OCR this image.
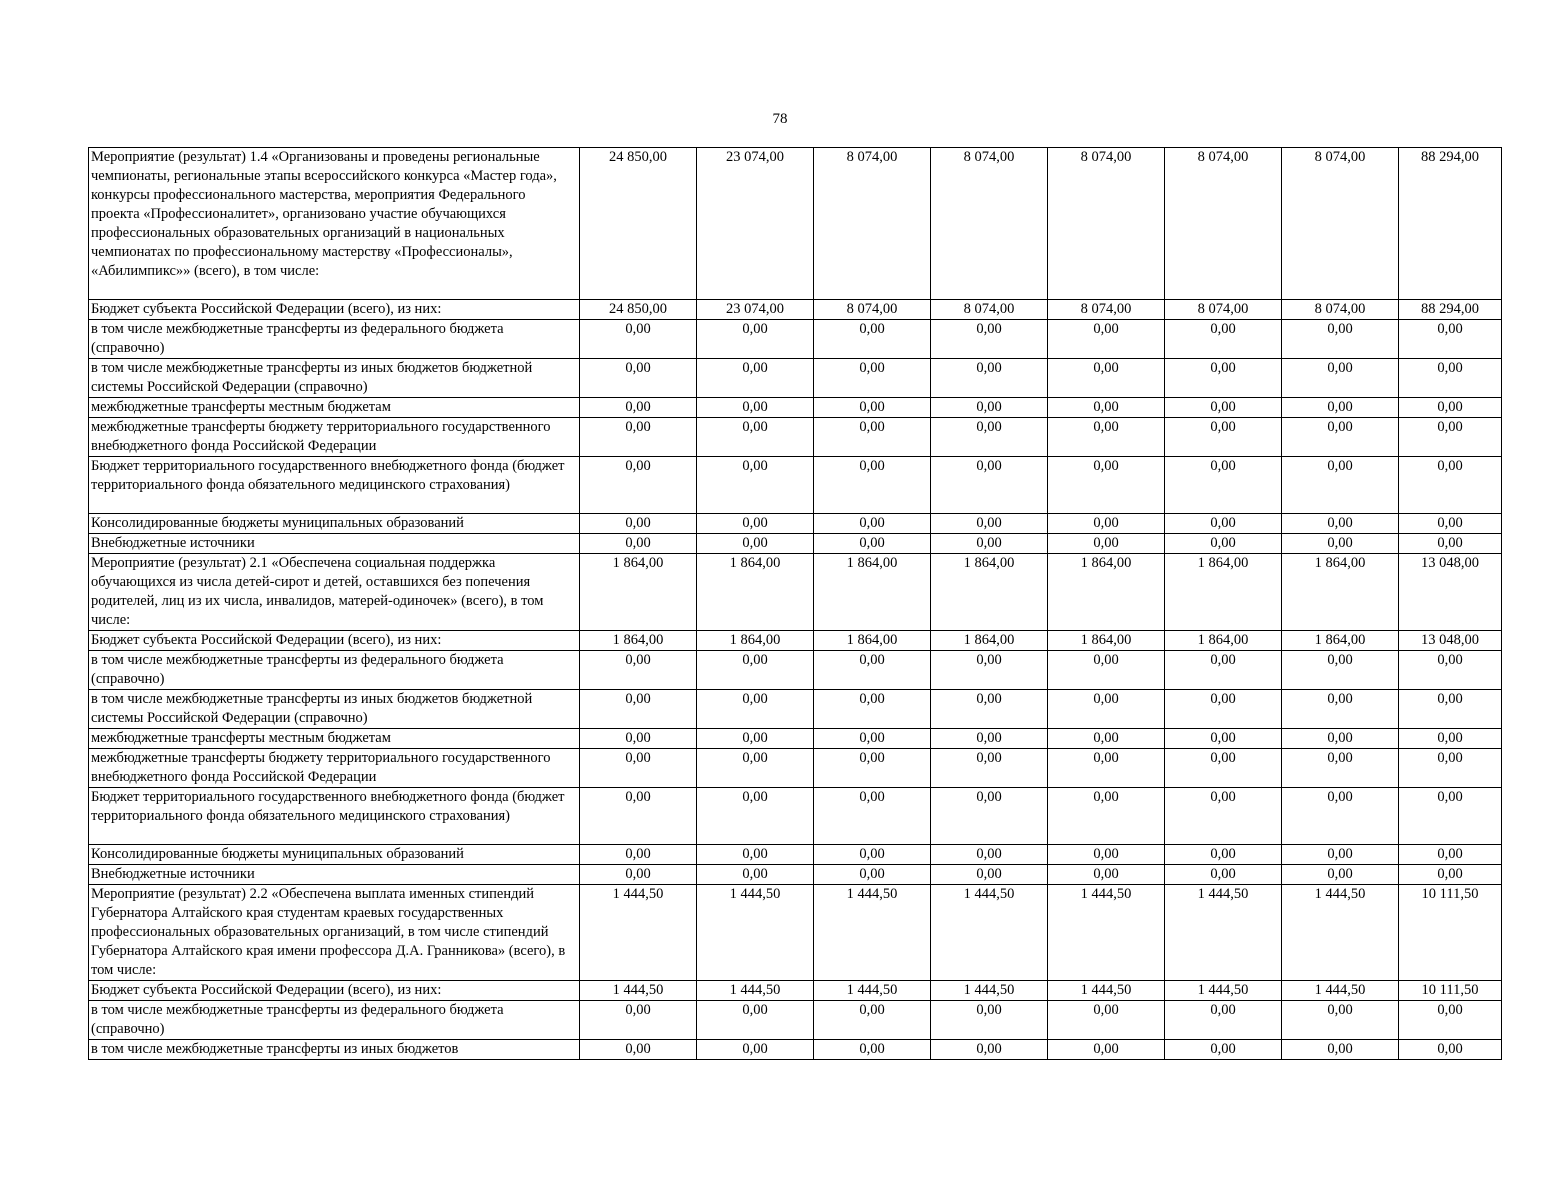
78
Мероприятие (результат) 1.4 «Организованы и проведены региональные чемпионаты, региональные этапы всероссийского конкурса «Мастер года», конкурсы профессионального мастерства, мероприятия Федерального проекта «Профессионалитет», организовано участие обучающихся профессиональных образовательных организаций в национальных чемпионатах по профессиональному мастерству «Профессионалы», «Абилимпикс»» (всего), в том числе:	24 850,00	23 074,00	8 074,00	8 074,00	8 074,00	8 074,00	8 074,00	88 294,00
Бюджет субъекта Российской Федерации (всего), из них:	24 850,00	23 074,00	8 074,00	8 074,00	8 074,00	8 074,00	8 074,00	88 294,00
в том числе межбюджетные трансферты из федерального бюджета (справочно)	0,00	0,00	0,00	0,00	0,00	0,00	0,00	0,00
в том числе межбюджетные трансферты из иных бюджетов бюджетной системы Российской Федерации (справочно)	0,00	0,00	0,00	0,00	0,00	0,00	0,00	0,00
межбюджетные трансферты местным бюджетам	0,00	0,00	0,00	0,00	0,00	0,00	0,00	0,00
межбюджетные трансферты бюджету территориального государственного внебюджетного фонда Российской Федерации	0,00	0,00	0,00	0,00	0,00	0,00	0,00	0,00
Бюджет территориального государственного внебюджетного фонда (бюджет территориального фонда обязательного медицинского страхования)	0,00	0,00	0,00	0,00	0,00	0,00	0,00	0,00
Консолидированные бюджеты муниципальных образований	0,00	0,00	0,00	0,00	0,00	0,00	0,00	0,00
Внебюджетные источники	0,00	0,00	0,00	0,00	0,00	0,00	0,00	0,00
Мероприятие (результат) 2.1 «Обеспечена социальная поддержка обучающихся из числа детей-сирот и детей, оставшихся без попечения родителей, лиц из их числа, инвалидов, матерей-одиночек» (всего), в том числе:	1 864,00	1 864,00	1 864,00	1 864,00	1 864,00	1 864,00	1 864,00	13 048,00
Бюджет субъекта Российской Федерации (всего), из них:	1 864,00	1 864,00	1 864,00	1 864,00	1 864,00	1 864,00	1 864,00	13 048,00
в том числе межбюджетные трансферты из федерального бюджета (справочно)	0,00	0,00	0,00	0,00	0,00	0,00	0,00	0,00
в том числе межбюджетные трансферты из иных бюджетов бюджетной системы Российской Федерации (справочно)	0,00	0,00	0,00	0,00	0,00	0,00	0,00	0,00
межбюджетные трансферты местным бюджетам	0,00	0,00	0,00	0,00	0,00	0,00	0,00	0,00
межбюджетные трансферты бюджету территориального государственного внебюджетного фонда Российской Федерации	0,00	0,00	0,00	0,00	0,00	0,00	0,00	0,00
Бюджет территориального государственного внебюджетного фонда (бюджет территориального фонда обязательного медицинского страхования)	0,00	0,00	0,00	0,00	0,00	0,00	0,00	0,00
Консолидированные бюджеты муниципальных образований	0,00	0,00	0,00	0,00	0,00	0,00	0,00	0,00
Внебюджетные источники	0,00	0,00	0,00	0,00	0,00	0,00	0,00	0,00
Мероприятие (результат) 2.2 «Обеспечена выплата именных стипендий Губернатора Алтайского края студентам краевых государственных профессиональных образовательных организаций, в том числе стипендий Губернатора Алтайского края имени профессора Д.А. Гранникова» (всего), в том числе:	1 444,50	1 444,50	1 444,50	1 444,50	1 444,50	1 444,50	1 444,50	10 111,50
Бюджет субъекта Российской Федерации (всего), из них:	1 444,50	1 444,50	1 444,50	1 444,50	1 444,50	1 444,50	1 444,50	10 111,50
в том числе межбюджетные трансферты из федерального бюджета (справочно)	0,00	0,00	0,00	0,00	0,00	0,00	0,00	0,00
в том числе межбюджетные трансферты из иных бюджетов	0,00	0,00	0,00	0,00	0,00	0,00	0,00	0,00
